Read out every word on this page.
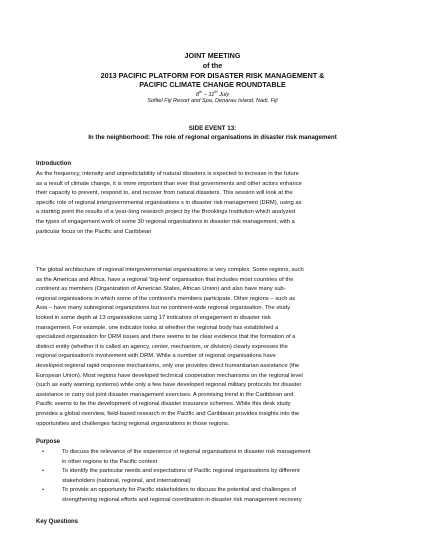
JOINT MEETING
of the
2013 PACIFIC PLATFORM FOR DISASTER RISK MANAGEMENT &
PACIFIC CLIMATE CHANGE ROUNDTABLE
8th – 11th July
Sofitel Fiji Resort and Spa, Denarau Island, Nadi, Fiji
SIDE EVENT 13:
In the neighborhood: The role of regional organisations in disaster risk management
Introduction
As the frequency, intensity and unpredictability of natural disasters is expected to increase in the future
as a result of climate change, it is more important than ever that governments and other actors enhance
their capacity to prevent, respond to, and recover from natural disasters. This session will look at the
specific role of regional intergovernmental organisations s in disaster risk management (DRM), using as
a starting point the results of a year-long research project by the Brookings Institution which analyzed
the types of engagement work of some 30 regional organisations in disaster risk management, with a
particular focus on the Pacific and Caribbean
The global architecture of regional intergovernmental organisations is very complex. Some regions, such
as the Americas and Africa, have a regional 'big-tent' organisation that includes most countries of the
continent as members (Organization of American States, African Union) and also have many sub-
regional organisations in which some of the continent's members participate. Other regions – such as
Asia – have many subregional organizstions but no continent-wide regional organisation. The study
looked in some depth at 13 organisations using 17 indicators of engagement in disaster risk
management. For example, one indicator looks at whether the regional body has established a
specialized organisation for DRM issues and there seems to be clear evidence that the formation of a
distinct entity (whether it is called an agency, center, mechanism, or division) clearly expresses the
regional organisation's involvement with DRM. While a number of regional organisations have
developed regional rapid response mechanisms, only one provides direct humanitarian assistance (the
European Union). Most regions have developed technical cooperation mechanisms on the regional level
(such as early warning systems) while only a few have developed regional military protocols for disaster
assistance or carry out joint disaster management exercises. A promising trend in the Caribbean and
Pacific seems to be the development of regional disaster insurance schemes. While this desk study
provides a global overview, field-based research in the Pacific and Caribbean provides insights into the
opportunities and challenges facing regional organizations in those regions.
Purpose
•	To discuss the relevance of the experience of regional organisations in disaster risk management
in other regions to the Pacific context
•	To identify the particular needs and expectations of Pacific regional organisations by different
stakeholders (national, regional, and international)
•	To provide an opportunity for Pacific stakeholders to discuss the potential and challenges of
strengthening regional efforts and regional coordination in disaster risk management recovery
Key Questions
